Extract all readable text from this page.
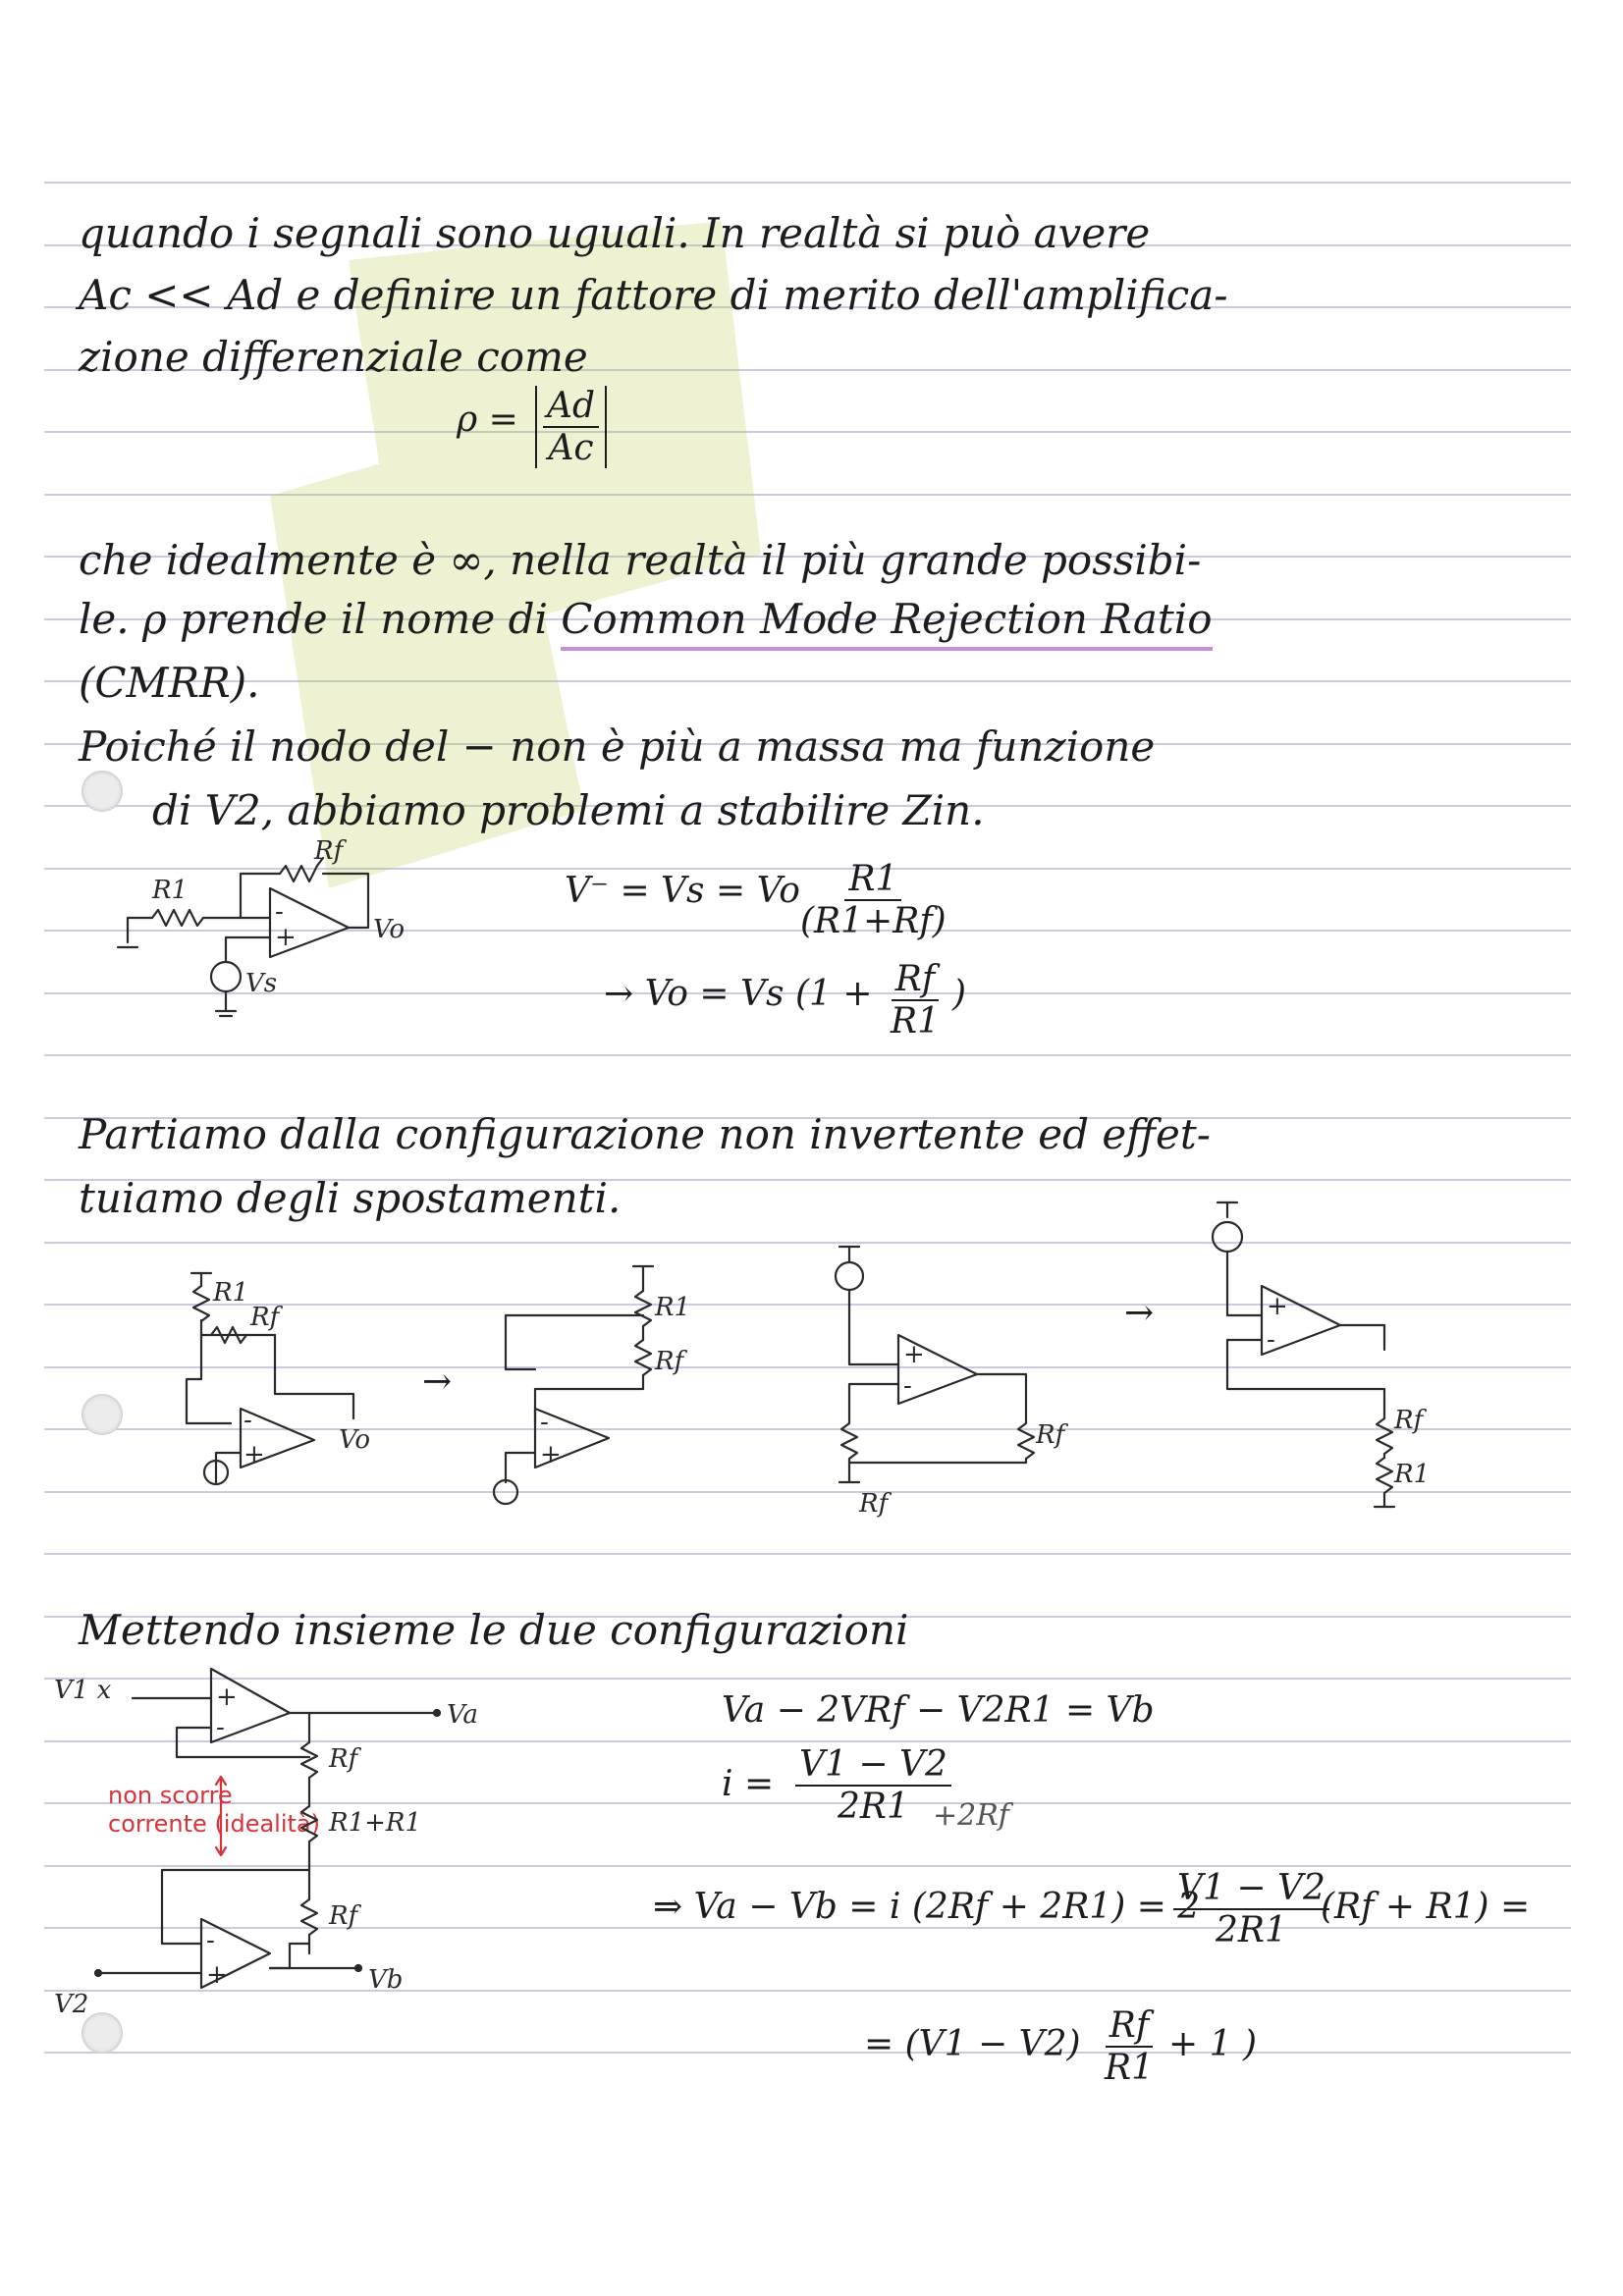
quando i segnali sono uguali. In realtà si può avere
Ac << Ad e definire un fattore di merito dell'amplifica-
zione differenziale come
$\rho = \frac{Ad}{Ac}$
che idealmente è ∞, nella realtà il più grande possibi-
le. ρ prende il nome di Common Mode Rejection Ratio
(CMRR).
Poiché il nodo del − non è più a massa ma funzione
di V2, abbiamo problemi a stabilire Zin.
V⁻ = Vs = Vo $\frac{R1}{(R1+Rf)}$
→ Vo = Vs ($1 + \frac{Rf}{R1}$ )
Partiamo dalla configurazione non invertente ed effet-
tuiamo degli spostamenti.
Mettendo insieme le due configurazioni
Va − 2VRf − V2R1 = Vb
$i = \frac{V1 - V2}{2R1}$
+2Rf
⇒ Va − Vb = i (2Rf + 2R1) = 2
$\frac{V1 - V2}{2R1}$
(Rf + R1) =
= $(V1 - V2) \frac{Rf}{R1} + 1$ )
non scorre
corrente (idealità)
R1
Rf
-
+	Vo
Vs
R1
Rf
Vo
-
+
→
R1
Rf
-
+
Rf
Rf
+
-
→
Rf
R1
+
-
V1 x
Va
Rf
R1+R1
Rf
Vb
V2
+
-
-
+
